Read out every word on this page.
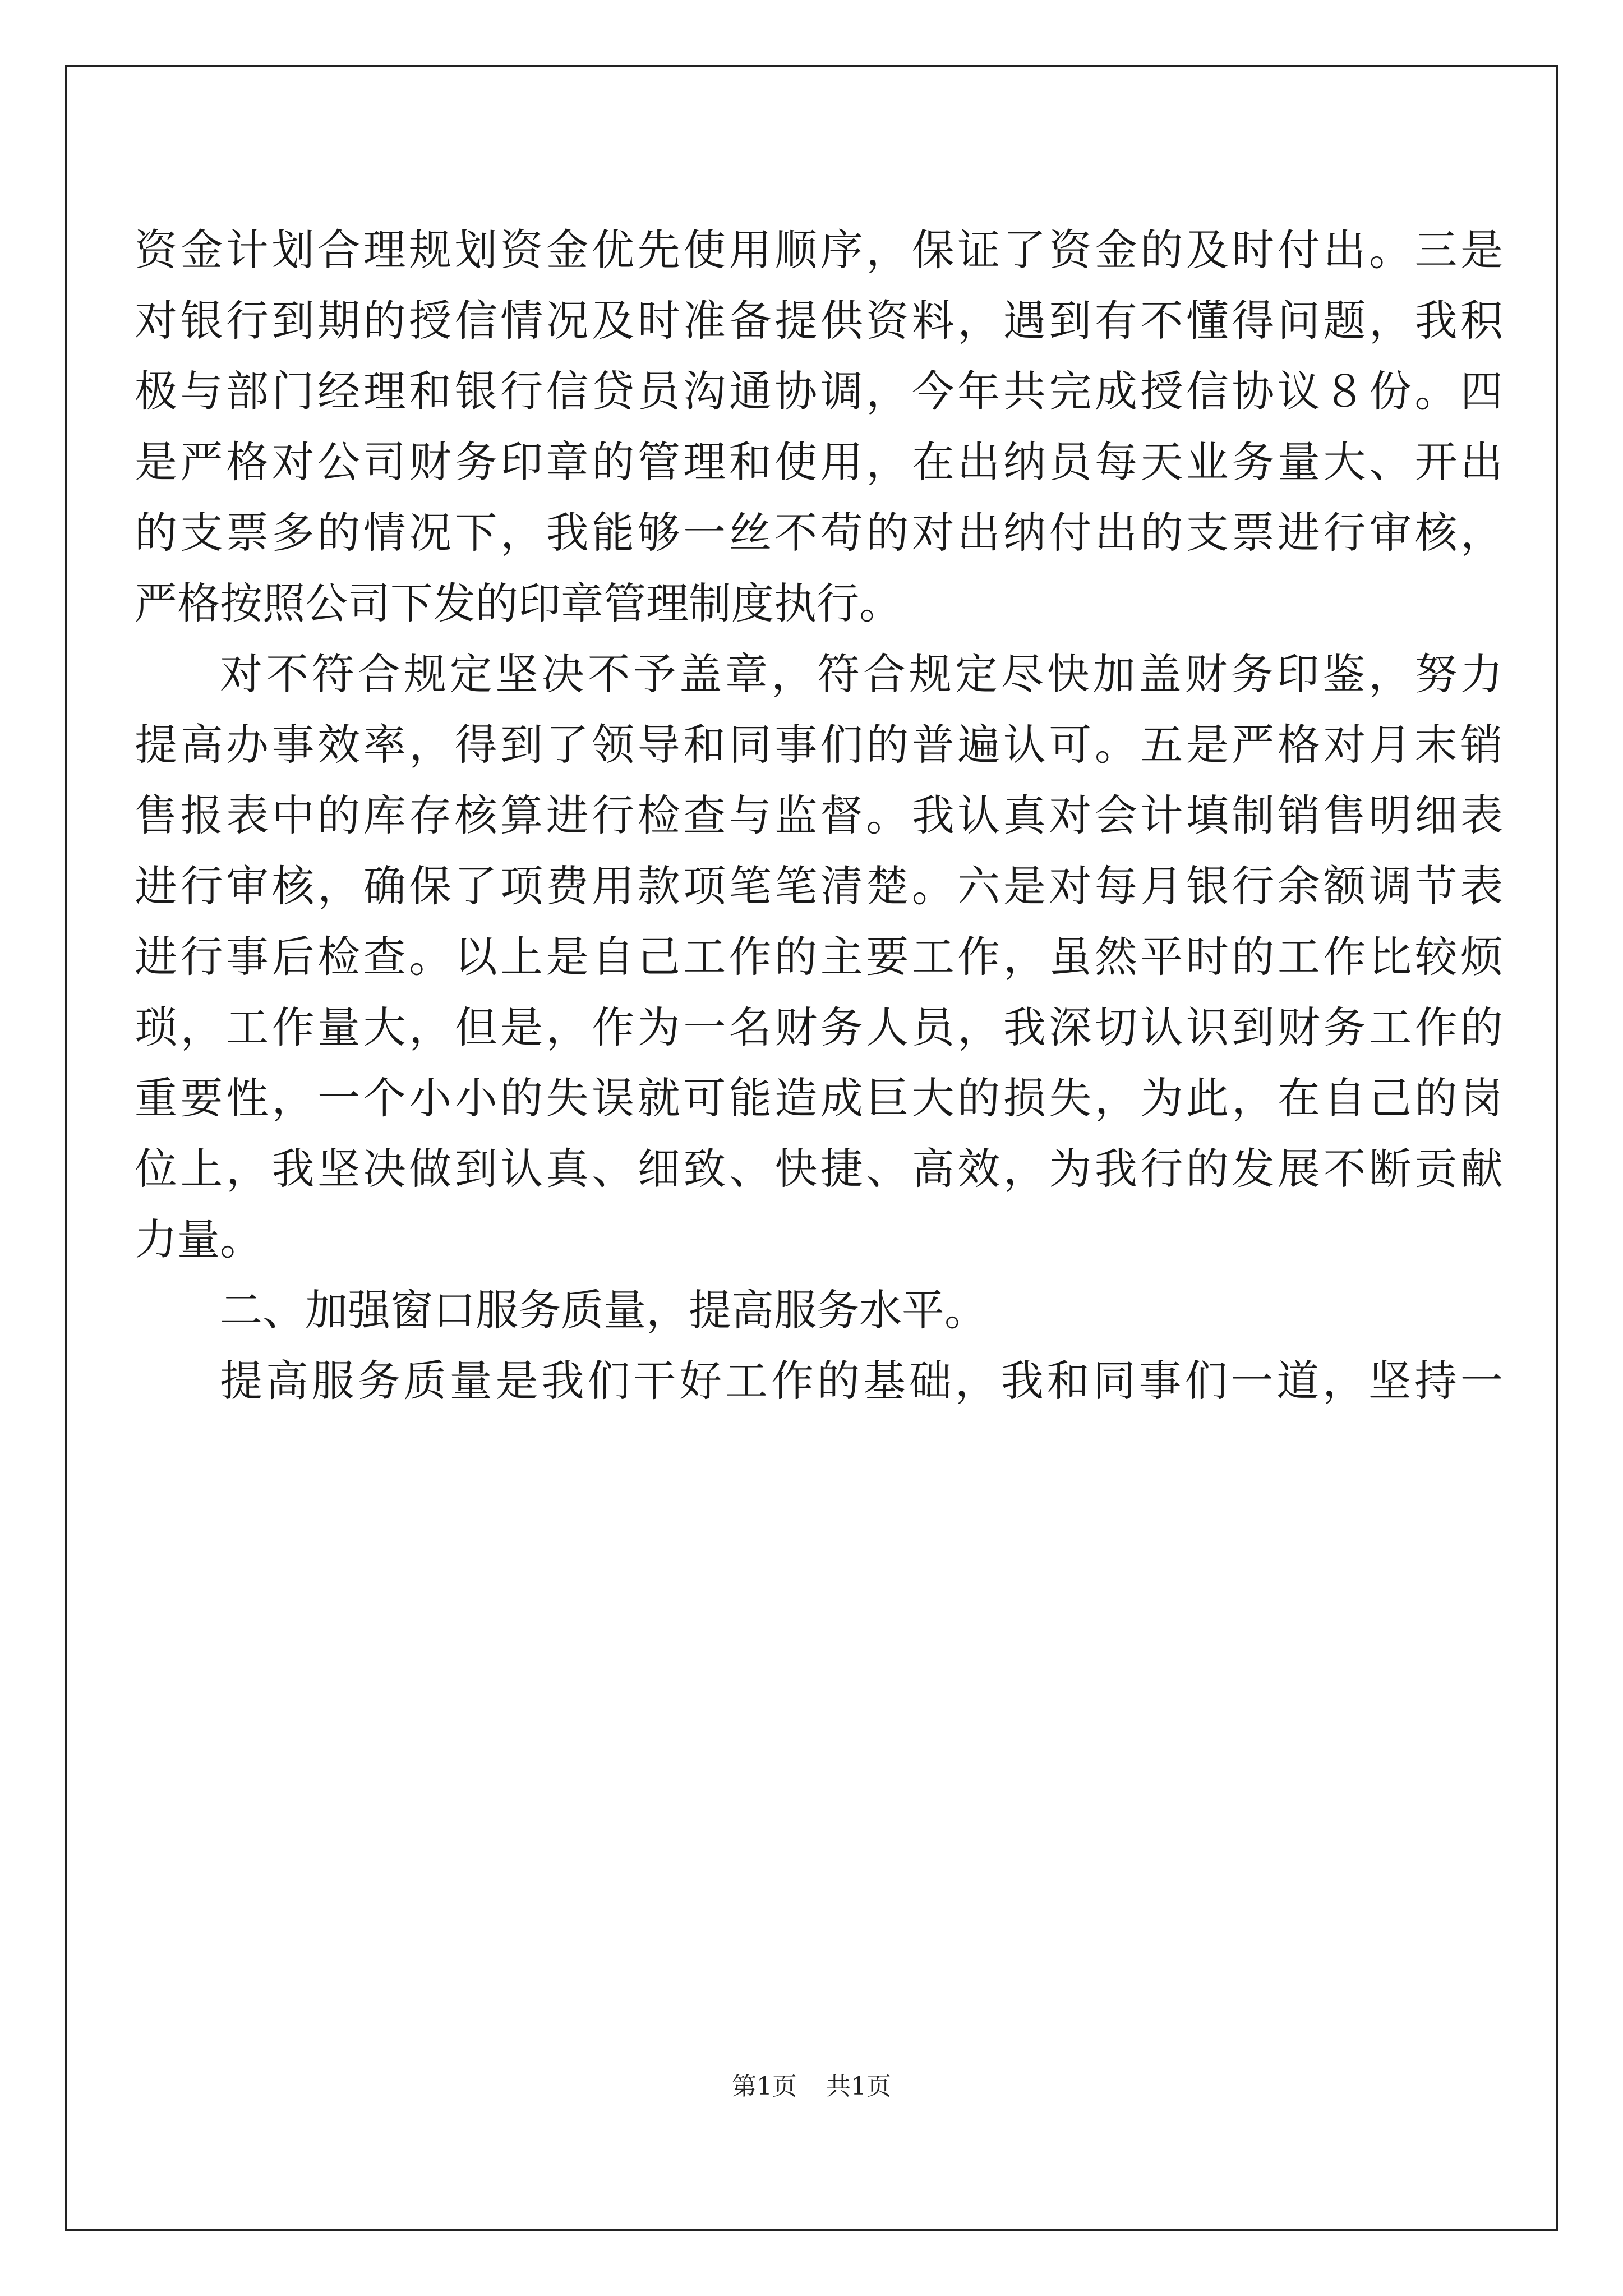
资金计划合理规划资金优先使用顺序，保证了资金的及时付出。三是
对银行到期的授信情况及时准备提供资料，遇到有不懂得问题，我积
极与部门经理和银行信贷员沟通协调，今年共完成授信协议８份。四
是严格对公司财务印章的管理和使用，在出纳员每天业务量大、开出
的支票多的情况下，我能够一丝不苟的对出纳付出的支票进行审核，
严格按照公司下发的印章管理制度执行。
对不符合规定坚决不予盖章，符合规定尽快加盖财务印鉴，努力
提高办事效率，得到了领导和同事们的普遍认可。五是严格对月末销
售报表中的库存核算进行检查与监督。我认真对会计填制销售明细表
进行审核，确保了项费用款项笔笔清楚。六是对每月银行余额调节表
进行事后检查。以上是自己工作的主要工作，虽然平时的工作比较烦
琐，工作量大，但是，作为一名财务人员，我深切认识到财务工作的
重要性，一个小小的失误就可能造成巨大的损失，为此，在自己的岗
位上，我坚决做到认真、细致、快捷、高效，为我行的发展不断贡献
力量。
二、加强窗口服务质量，提高服务水平。
提高服务质量是我们干好工作的基础，我和同事们一道，坚持一
第1页 共1页
